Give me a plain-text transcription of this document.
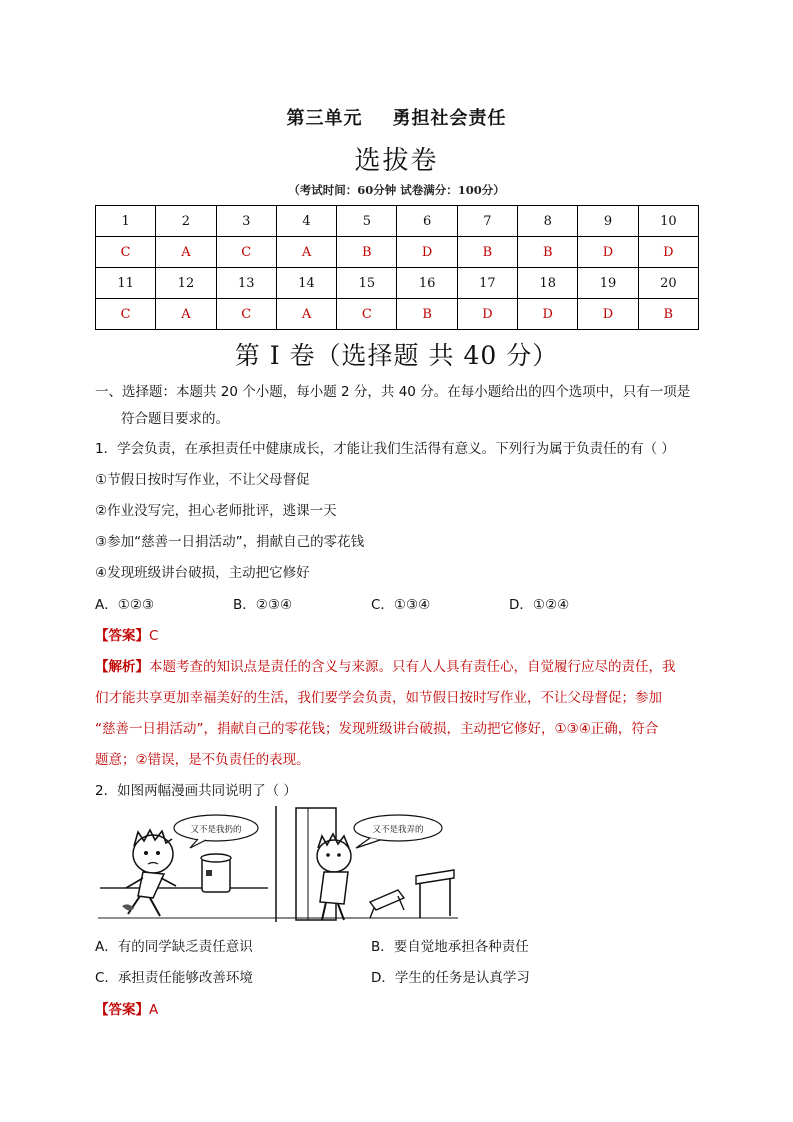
第三单元 勇担社会责任
选拔卷
（考试时间：60分钟 试卷满分：100分）
1	2	3	4	5	6	7	8	9	10
C	A	C	A	B	D	B	B	D	D
11	12	13	14	15	16	17	18	19	20
C	A	C	A	C	B	D	D	D	B
第 I 卷（选择题 共 40 分）
一、选择题：本题共 20 个小题，每小题 2 分，共 40 分。在每小题给出的四个选项中，只有一项是
符合题目要求的。
1．学会负责，在承担责任中健康成长，才能让我们生活得有意义。下列行为属于负责任的有（ ）
①节假日按时写作业，不让父母督促
②作业没写完，担心老师批评，逃课一天
③参加“慈善一日捐活动”，捐献自己的零花钱
④发现班级讲台破损，主动把它修好
A．①②③	B．②③④	C．①③④	D．①②④
【答案】C
【解析】本题考查的知识点是责任的含义与来源。只有人人具有责任心，自觉履行应尽的责任，我
们才能共享更加幸福美好的生活，我们要学会负责，如节假日按时写作业，不让父母督促；参加
“慈善一日捐活动”，捐献自己的零花钱；发现班级讲台破损，主动把它修好，①③④正确，符合
题意；②错误，是不负责任的表现。
2．如图两幅漫画共同说明了（ ）
又不是我扔的	又不是我弄的
A．有的同学缺乏责任意识	B．要自觉地承担各种责任
C．承担责任能够改善环境	D．学生的任务是认真学习
【答案】A
